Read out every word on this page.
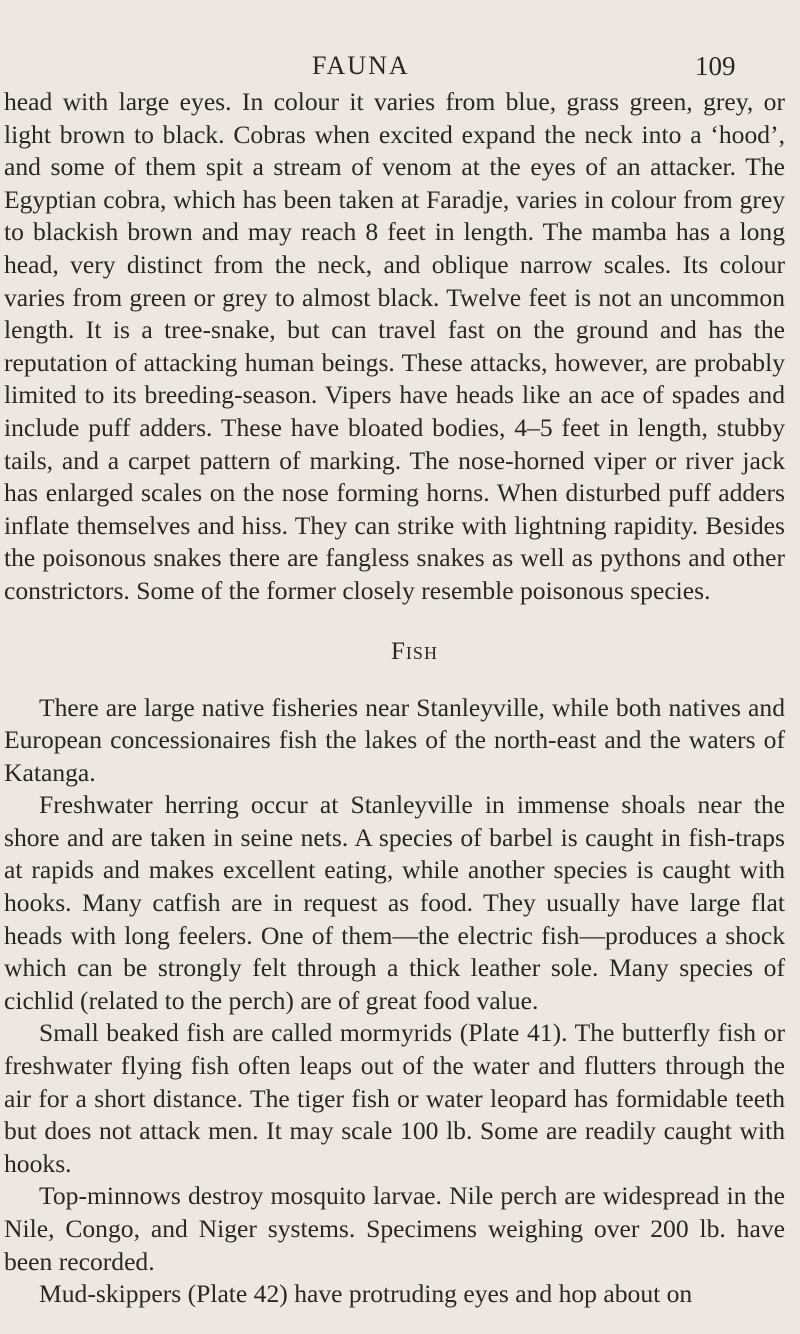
FAUNA	109

head with large eyes. In colour it varies from blue, grass green, grey, or light brown to black. Cobras when excited expand the neck into a ‘hood’, and some of them spit a stream of venom at the eyes of an attacker. The Egyptian cobra, which has been taken at Faradje, varies in colour from grey to blackish brown and may reach 8 feet in length. The mamba has a long head, very distinct from the neck, and oblique narrow scales. Its colour varies from green or grey to almost black. Twelve feet is not an uncommon length. It is a tree-snake, but can travel fast on the ground and has the reputation of attacking human beings. These attacks, however, are probably limited to its breeding-season. Vipers have heads like an ace of spades and include puff adders. These have bloated bodies, 4–5 feet in length, stubby tails, and a carpet pattern of marking. The nose-horned viper or river jack has enlarged scales on the nose forming horns. When disturbed puff adders inflate themselves and hiss. They can strike with lightning rapidity. Besides the poisonous snakes there are fangless snakes as well as pythons and other constrictors. Some of the former closely resemble poisonous species.

Fish

There are large native fisheries near Stanleyville, while both natives and European concessionaires fish the lakes of the north-east and the waters of Katanga.

Freshwater herring occur at Stanleyville in immense shoals near the shore and are taken in seine nets. A species of barbel is caught in fish-traps at rapids and makes excellent eating, while another species is caught with hooks. Many catfish are in request as food. They usually have large flat heads with long feelers. One of them—the electric fish—produces a shock which can be strongly felt through a thick leather sole. Many species of cichlid (related to the perch) are of great food value.

Small beaked fish are called mormyrids (Plate 41). The butterfly fish or freshwater flying fish often leaps out of the water and flutters through the air for a short distance. The tiger fish or water leopard has formidable teeth but does not attack men. It may scale 100 lb. Some are readily caught with hooks.

Top-minnows destroy mosquito larvae. Nile perch are widespread in the Nile, Congo, and Niger systems. Specimens weighing over 200 lb. have been recorded.

Mud-skippers (Plate 42) have protruding eyes and hop about on
